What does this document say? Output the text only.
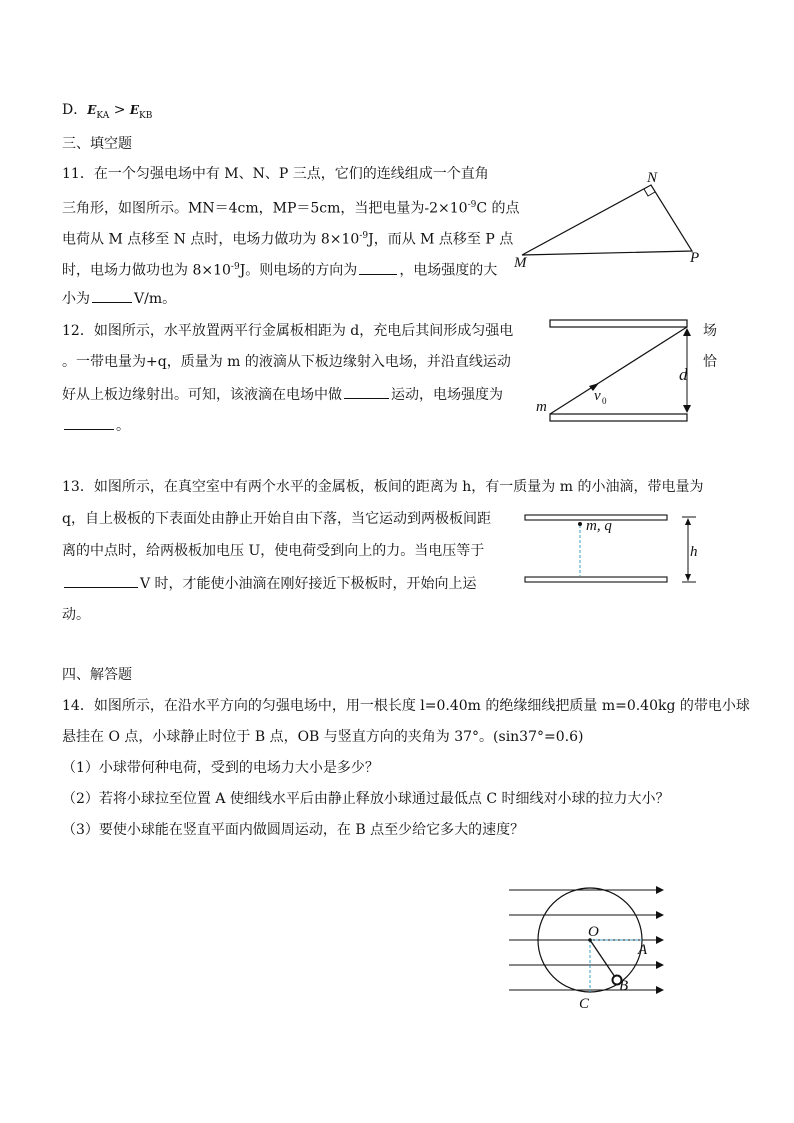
D．$E_{KA} > E_{KB}$
三、填空题
11．在一个匀强电场中有 M、N、P 三点，它们的连线组成一个直角
三角形，如图所示。MN＝4cm，MP＝5cm，当把电量为$-2\times 10^{-9}C$ 的点
电荷从 M 点移至 N 点时，电场力做功为 $8\times 10^{-9}J$，而从 M 点移至 P 点
时，电场力做功也为 $8\times 10^{-9}J$。则电场的方向为	，电场强度的大
小为	V/m。
M
N
P
12．如图所示，水平放置两平行金属板相距为 d，充电后其间形成匀强电
。一带电量为+q，质量为 m 的液滴从下板边缘射入电场，并沿直线运动
好从上板边缘射出。可知，该液滴在电场中做	运动，电场强度为
。
场
恰
m
v 0
d
13．如图所示，在真空室中有两个水平的金属板，板间的距离为 h，有一质量为 m 的小油滴，带电量为
q，自上极板的下表面处由静止开始自由下落，当它运动到两极板间距
离的中点时，给两极板加电压 U，使电荷受到向上的力。当电压等于
V 时，才能使小油滴在刚好接近下极板时，开始向上运
动。
m, q
h
四、解答题
14．如图所示，在沿水平方向的匀强电场中，用一根长度 l=0.40m 的绝缘细线把质量 m=0.40kg 的带电小球
悬挂在 O 点，小球静止时位于 B 点，OB 与竖直方向的夹角为 37°。(sin37°=0.6)
（1）小球带何种电荷，受到的电场力大小是多少？
（2）若将小球拉至位置 A 使细线水平后由静止释放小球通过最低点 C 时细线对小球的拉力大小？
（3）要使小球能在竖直平面内做圆周运动，在 B 点至少给它多大的速度？
O
A
B
C
